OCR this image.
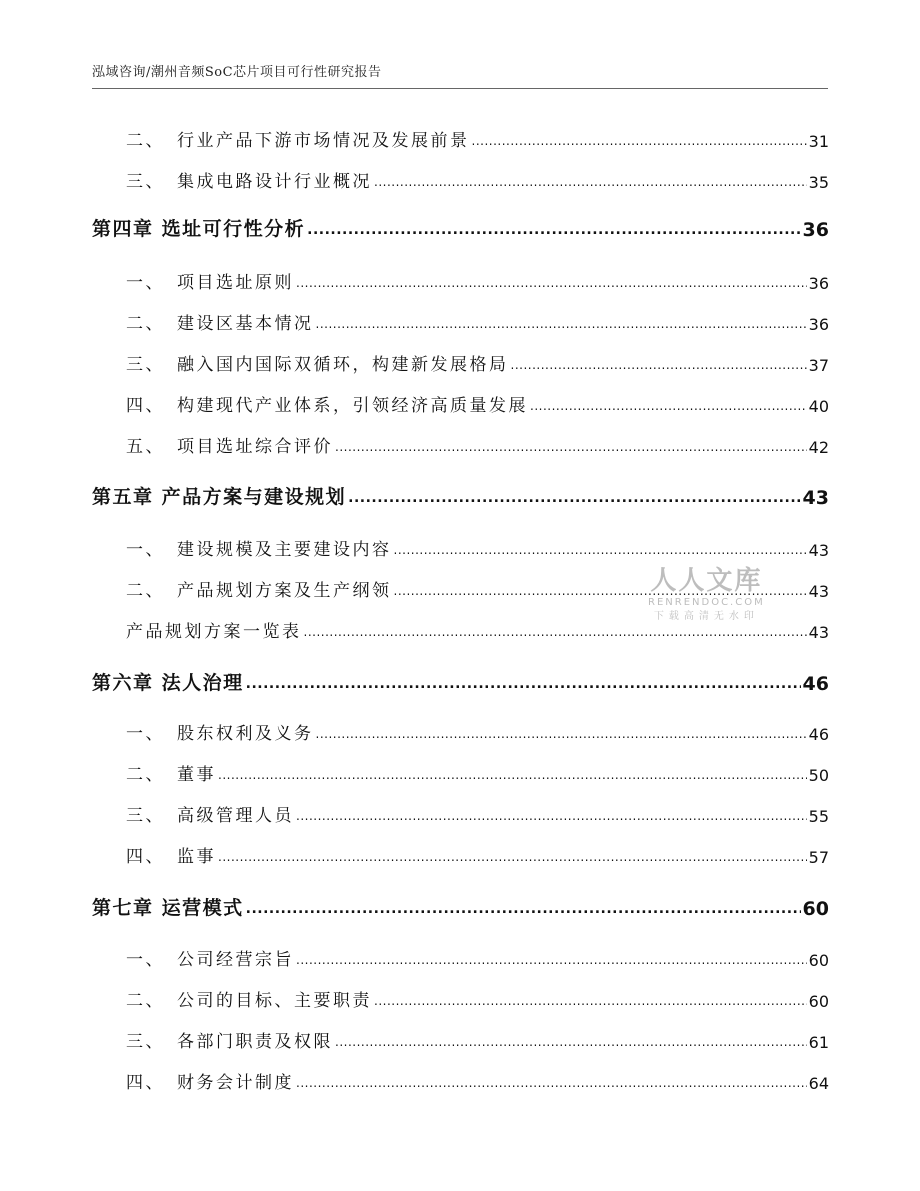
泓域咨询/潮州音频SoC芯片项目可行性研究报告
二、 行业产品下游市场情况及发展前景 .....	31
三、 集成电路设计行业概况 .....	35
第四章 选址可行性分析 .....	36
一、 项目选址原则 .....	36
二、 建设区基本情况 .....	36
三、 融入国内国际双循环，构建新发展格局 .....	37
四、 构建现代产业体系，引领经济高质量发展 .....	40
五、 项目选址综合评价 .....	42
第五章 产品方案与建设规划 .....	43
一、 建设规模及主要建设内容 .....	43
二、 产品规划方案及生产纲领 .....	43
产品规划方案一览表 .....	43
第六章 法人治理 .....	46
一、 股东权利及义务 .....	46
二、 董事 .....	50
三、 高级管理人员 .....	55
四、 监事 .....	57
第七章 运营模式 .....	60
一、 公司经营宗旨 .....	60
二、 公司的目标、主要职责 .....	60
三、 各部门职责及权限 .....	61
四、 财务会计制度 .....	64
人人文库
RENRENDOC.COM
下载高清无水印
